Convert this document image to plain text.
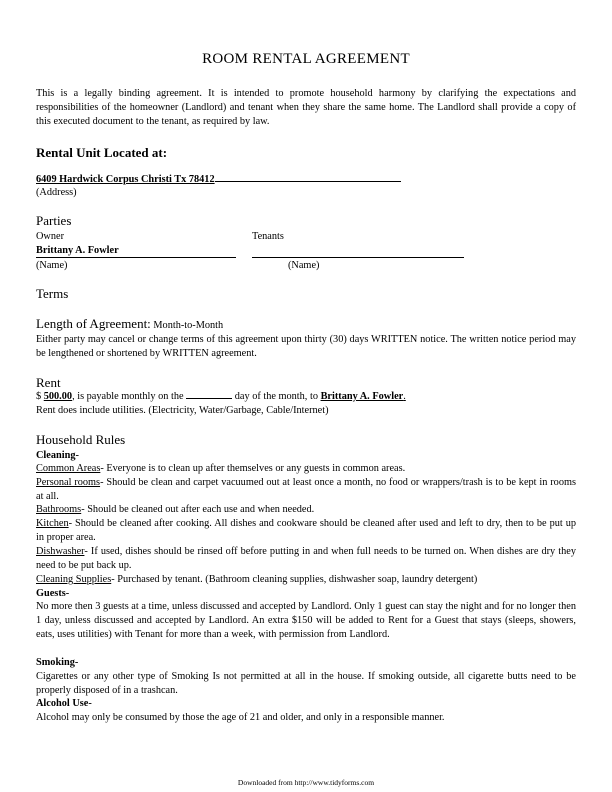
ROOM RENTAL AGREEMENT
This is a legally binding agreement. It is intended to promote household harmony by clarifying the expectations and responsibilities of the homeowner (Landlord) and tenant when they share the same home. The Landlord shall provide a copy of this executed document to the tenant, as required by law.
Rental Unit Located at:
6409 Hardwick Corpus Christi Tx 78412
(Address)
Parties
Owner	Tenants
Brittany A. Fowler
(Name)	(Name)
Terms
Length of Agreement: Month-to-Month
Either party may cancel or change terms of this agreement upon thirty (30) days WRITTEN notice. The written notice period may be lengthened or shortened by WRITTEN agreement.
Rent
$ 500.00, is payable monthly on the	day of the month, to Brittany A. Fowler.
Rent does include utilities. (Electricity, Water/Garbage, Cable/Internet)
Household Rules
Cleaning-
Common Areas- Everyone is to clean up after themselves or any guests in common areas.
Personal rooms- Should be clean and carpet vacuumed out at least once a month, no food or wrappers/trash is to be kept in rooms at all.
Bathrooms- Should be cleaned out after each use and when needed.
Kitchen- Should be cleaned after cooking. All dishes and cookware should be cleaned after used and left to dry, then to be put up in proper area.
Dishwasher- If used, dishes should be rinsed off before putting in and when full needs to be turned on. When dishes are dry they need to be put back up.
Cleaning Supplies- Purchased by tenant. (Bathroom cleaning supplies, dishwasher soap, laundry detergent)
Guests-
No more then 3 guests at a time, unless discussed and accepted by Landlord. Only 1 guest can stay the night and for no longer then 1 day, unless discussed and accepted by Landlord. An extra $150 will be added to Rent for a Guest that stays (sleeps, showers, eats, uses utilities) with Tenant for more than a week, with permission from Landlord.
Smoking-
Cigarettes or any other type of Smoking Is not permitted at all in the house. If smoking outside, all cigarette butts need to be properly disposed of in a trashcan.
Alcohol Use-
Alcohol may only be consumed by those the age of 21 and older, and only in a responsible manner.
Downloaded from http://www.tidyforms.com
